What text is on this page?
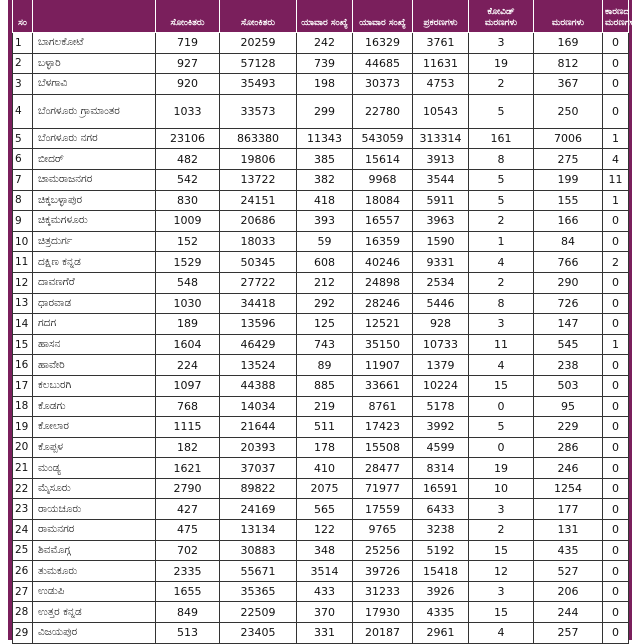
ಸಂ		ಸೋಂಕಿತರು	ಸೋಂಕಿತರು	ಯಾವಾರ ಸಂಖ್ಯೆ	ಯಾವಾರ ಸಂಖ್ಯೆ	ಪ್ರಕರಣಗಳು	ಕೋವಿಡ್ ಮರಣಗಳು	ಮರಣಗಳು	ಕಾರಣದ ಮರಣಗಳು
1	ಬಾಗಲಕೋಟೆ	719	20259	242	16329	3761	3	169	0
2	ಬಳ್ಳಾರಿ	927	57128	739	44685	11631	19	812	0
3	ಬೆಳಗಾವಿ	920	35493	198	30373	4753	2	367	0
4	ಬೆಂಗಳೂರು ಗ್ರಾಮಾಂತರ	1033	33573	299	22780	10543	5	250	0
5	ಬೆಂಗಳೂರು ನಗರ	23106	863380	11343	543059	313314	161	7006	1
6	ಬೀದರ್	482	19806	385	15614	3913	8	275	4
7	ಚಾಮರಾಜನಗರ	542	13722	382	9968	3544	5	199	11
8	ಚಿಕ್ಕಬಳ್ಳಾಪುರ	830	24151	418	18084	5911	5	155	1
9	ಚಿಕ್ಕಮಗಳೂರು	1009	20686	393	16557	3963	2	166	0
10	ಚಿತ್ರದುರ್ಗ	152	18033	59	16359	1590	1	84	0
11	ದಕ್ಷಿಣ ಕನ್ನಡ	1529	50345	608	40246	9331	4	766	2
12	ದಾವಣಗೆರೆ	548	27722	212	24898	2534	2	290	0
13	ಧಾರವಾಡ	1030	34418	292	28246	5446	8	726	0
14	ಗದಗ	189	13596	125	12521	928	3	147	0
15	ಹಾಸನ	1604	46429	743	35150	10733	11	545	1
16	ಹಾವೇರಿ	224	13524	89	11907	1379	4	238	0
17	ಕಲಬುರಗಿ	1097	44388	885	33661	10224	15	503	0
18	ಕೊಡಗು	768	14034	219	8761	5178	0	95	0
19	ಕೋಲಾರ	1115	21644	511	17423	3992	5	229	0
20	ಕೊಪ್ಪಳ	182	20393	178	15508	4599	0	286	0
21	ಮಂಡ್ಯ	1621	37037	410	28477	8314	19	246	0
22	ಮೈಸೂರು	2790	89822	2075	71977	16591	10	1254	0
23	ರಾಯಚೂರು	427	24169	565	17559	6433	3	177	0
24	ರಾಮನಗರ	475	13134	122	9765	3238	2	131	0
25	ಶಿವಮೊಗ್ಗ	702	30883	348	25256	5192	15	435	0
26	ತುಮಕೂರು	2335	55671	3514	39726	15418	12	527	0
27	ಉಡುಪಿ	1655	35365	433	31233	3926	3	206	0
28	ಉತ್ತರ ಕನ್ನಡ	849	22509	370	17930	4335	15	244	0
29	ವಿಜಯಪುರ	513	23405	331	20187	2961	4	257	0
